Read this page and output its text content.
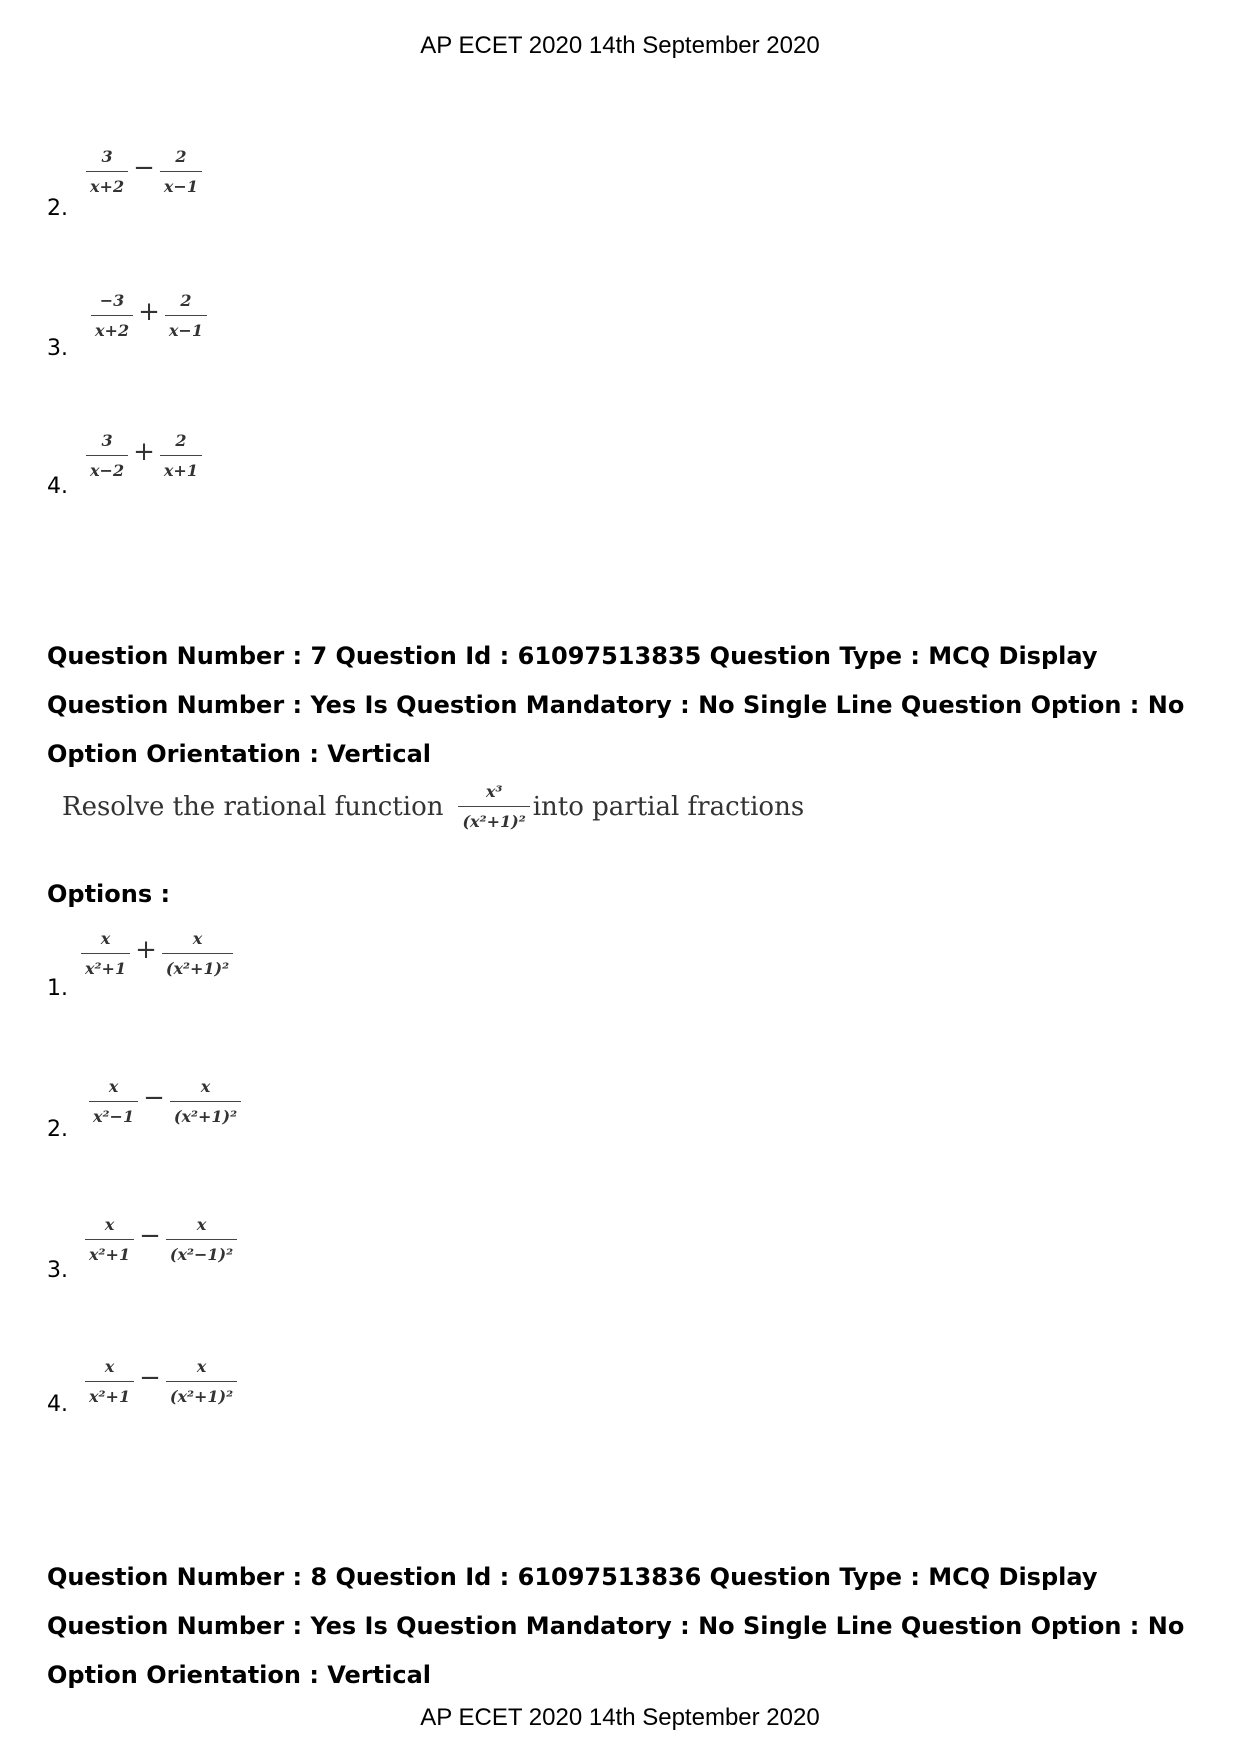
AP ECET 2020 14th September 2020
2.
$\frac{3}{x+2} - \frac{2}{x-1}$
3.
$\frac{-3}{x+2} + \frac{2}{x-1}$
4.
$\frac{3}{x-2} + \frac{2}{x+1}$
Question Number : 7 Question Id : 61097513835 Question Type : MCQ Display Question Number : Yes Is Question Mandatory : No Single Line Question Option : No Option Orientation : Vertical
Resolve the rational function $\frac{\text{x³}}{\text{(x²+1)²}}$ into partial fractions
Options :
1.
$\frac{x}{\text{x²+1}} + \frac{x}{\text{(x²+1)²}}$
2.
$\frac{x}{\text{x²−1}} - \frac{x}{\text{(x²+1)²}}$
3.
$\frac{x}{\text{x²+1}} - \frac{x}{\text{(x²−1)²}}$
4. $\frac{x}{\text{x²+1}} - \frac{x}{\text{(x²+1)²}}$
Question Number : 8 Question Id : 61097513836 Question Type : MCQ Display Question Number : Yes Is Question Mandatory : No Single Line Question Option : No Option Orientation : Vertical
AP ECET 2020 14th September 2020
